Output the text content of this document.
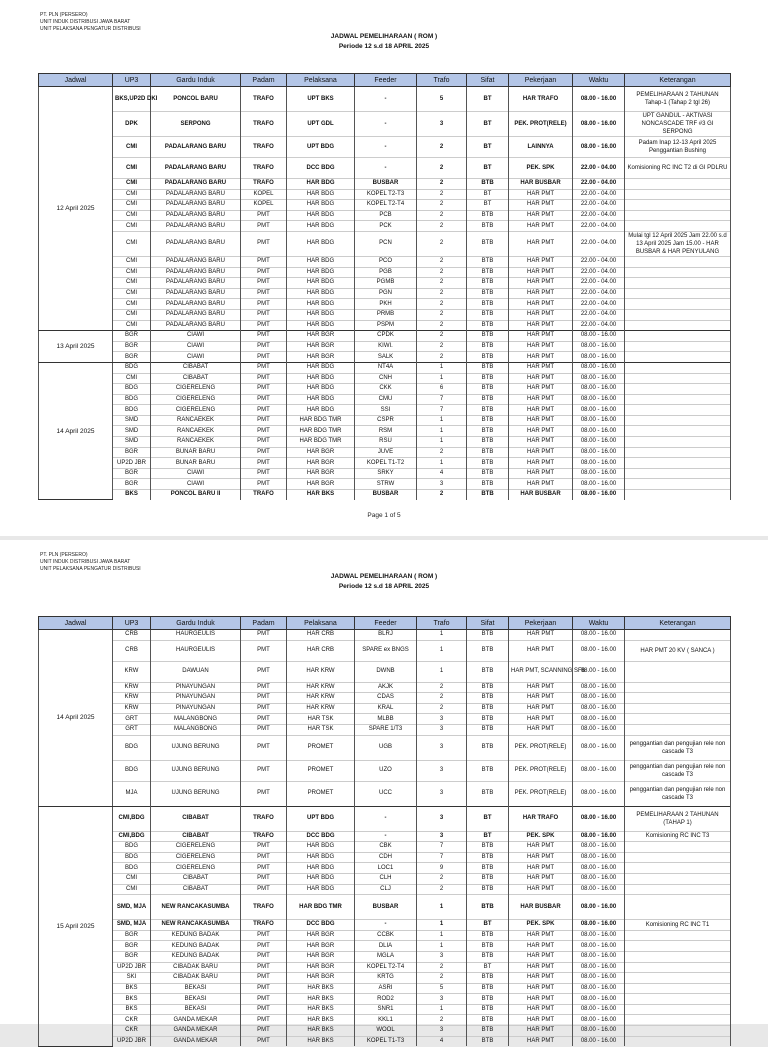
PT. PLN (PERSERO)
UNIT INDUK DISTRIBUSI JAWA BARAT
UNIT PELAKSANA PENGATUR DISTRIBUSI
JADWAL PEMELIHARAAN ( ROM )
Periode 12 s.d 18 APRIL 2025
Jadwal	UP3	Gardu Induk	Padam	Pelaksana	Feeder	Trafo	Sifat	Pekerjaan	Waktu	Keterangan
12 April 2025	BKS,UP2D DKI	PONCOL BARU	TRAFO	UPT BKS	-	5	BT	HAR TRAFO	08.00 - 16.00	PEMELIHARAAN 2 TAHUNAN Tahap-1 (Tahap 2 tgl 26)
	DPK	SERPONG	TRAFO	UPT GDL	-	3	BT	PEK. PROT(RELE)	08.00 - 16.00	UPT GANDUL - AKTIVASI NONCASCADE TRF #3 GI SERPONG
	CMI	PADALARANG BARU	TRAFO	UPT BDG	-	2	BT	LAINNYA	08.00 - 16.00	Padam Inap 12-13 April 2025 Penggantian Bushing
	CMI	PADALARANG BARU	TRAFO	DCC BDG	-	2	BT	PEK. SPK	22.00 - 04.00	Komisioning RC INC T2 di GI PDLRU
	CMI	PADALARANG BARU	TRAFO	HAR BDG	BUSBAR	2	BTB	HAR BUSBAR	22.00 - 04.00	
	CMI	PADALARANG BARU	KOPEL	HAR BDG	KOPEL T2-T3	2	BT	HAR PMT	22.00 - 04.00	
	CMI	PADALARANG BARU	KOPEL	HAR BDG	KOPEL T2-T4	2	BT	HAR PMT	22.00 - 04.00	
	CMI	PADALARANG BARU	PMT	HAR BDG	PCB	2	BTB	HAR PMT	22.00 - 04.00	
	CMI	PADALARANG BARU	PMT	HAR BDG	PCK	2	BTB	HAR PMT	22.00 - 04.00	
	CMI	PADALARANG BARU	PMT	HAR BDG	PCN	2	BTB	HAR PMT	22.00 - 04.00	Mulai tgl 12 April 2025 Jam 22.00 s.d 13 April 2025 Jam 15.00 - HAR BUSBAR & HAR PENYULANG
	CMI	PADALARANG BARU	PMT	HAR BDG	PCO	2	BTB	HAR PMT	22.00 - 04.00	
	CMI	PADALARANG BARU	PMT	HAR BDG	PGB	2	BTB	HAR PMT	22.00 - 04.00	
	CMI	PADALARANG BARU	PMT	HAR BDG	PGMB	2	BTB	HAR PMT	22.00 - 04.00	
	CMI	PADALARANG BARU	PMT	HAR BDG	PGN	2	BTB	HAR PMT	22.00 - 04.00	
	CMI	PADALARANG BARU	PMT	HAR BDG	PKH	2	BTB	HAR PMT	22.00 - 04.00	
	CMI	PADALARANG BARU	PMT	HAR BDG	PRMB	2	BTB	HAR PMT	22.00 - 04.00	
	CMI	PADALARANG BARU	PMT	HAR BDG	PSPM	2	BTB	HAR PMT	22.00 - 04.00	
13 April 2025	BGR	CIAWI	PMT	HAR BGR	CPDK	2	BTB	HAR PMT	08.00 - 16.00	
	BGR	CIAWI	PMT	HAR BGR	KIWI.	2	BTB	HAR PMT	08.00 - 16.00	
	BGR	CIAWI	PMT	HAR BGR	SALK	2	BTB	HAR PMT	08.00 - 16.00	
14 April 2025	BDG	CIBABAT	PMT	HAR BDG	NT4A	1	BTB	HAR PMT	08.00 - 16.00	
	CMI	CIBABAT	PMT	HAR BDG	CNH	1	BTB	HAR PMT	08.00 - 16.00	
	BDG	CIGERELENG	PMT	HAR BDG	CKK	6	BTB	HAR PMT	08.00 - 16.00	
	BDG	CIGERELENG	PMT	HAR BDG	CMU	7	BTB	HAR PMT	08.00 - 16.00	
	BDG	CIGERELENG	PMT	HAR BDG	SSI	7	BTB	HAR PMT	08.00 - 16.00	
	SMD	RANCAEKEK	PMT	HAR BDG TMR	CSPR	1	BTB	HAR PMT	08.00 - 16.00	
	SMD	RANCAEKEK	PMT	HAR BDG TMR	RSM	1	BTB	HAR PMT	08.00 - 16.00	
	SMD	RANCAEKEK	PMT	HAR BDG TMR	RSU	1	BTB	HAR PMT	08.00 - 16.00	
	BGR	BUNAR BARU	PMT	HAR BGR	JUVE	2	BTB	HAR PMT	08.00 - 16.00	
	UP2D JBR	BUNAR BARU	PMT	HAR BGR	KOPEL T1-T2	1	BTB	HAR PMT	08.00 - 16.00	
	BGR	CIAWI	PMT	HAR BGR	SRKY	4	BTB	HAR PMT	08.00 - 16.00	
	BGR	CIAWI	PMT	HAR BGR	STRW	3	BTB	HAR PMT	08.00 - 16.00	
	BKS	PONCOL BARU II	TRAFO	HAR BKS	BUSBAR	2	BTB	HAR BUSBAR	08.00 - 16.00	
Page 1 of 5
PT. PLN (PERSERO)
UNIT INDUK DISTRIBUSI JAWA BARAT
UNIT PELAKSANA PENGATUR DISTRIBUSI
JADWAL PEMELIHARAAN ( ROM )
Periode 12 s.d 18 APRIL 2025
Jadwal	UP3	Gardu Induk	Padam	Pelaksana	Feeder	Trafo	Sifat	Pekerjaan	Waktu	Keterangan
14 April 2025	CRB	HAURGEULIS	PMT	HAR CRB	BLRJ	1	BTB	HAR PMT	08.00 - 16.00	
	CRB	HAURGEULIS	PMT	HAR CRB	SPARE ex BNGS	1	BTB	HAR PMT	08.00 - 16.00	HAR PMT 20 KV ( SANCA )
	KRW	DAWUAN	PMT	HAR KRW	DWNB	1	BTB	HAR PMT, SCANNING SF6	08.00 - 16.00	
	KRW	PINAYUNGAN	PMT	HAR KRW	AKJK	2	BTB	HAR PMT	08.00 - 16.00	
	KRW	PINAYUNGAN	PMT	HAR KRW	CDAS	2	BTB	HAR PMT	08.00 - 16.00	
	KRW	PINAYUNGAN	PMT	HAR KRW	KRAL	2	BTB	HAR PMT	08.00 - 16.00	
	GRT	MALANGBONG	PMT	HAR TSK	MLBB	3	BTB	HAR PMT	08.00 - 16.00	
	GRT	MALANGBONG	PMT	HAR TSK	SPARE 1/T3	3	BTB	HAR PMT	08.00 - 16.00	
	BDG	UJUNG BERUNG	PMT	PROMET	UGB	3	BTB	PEK. PROT(RELE)	08.00 - 16.00	penggantian dan pengujian rele non cascade T3
	BDG	UJUNG BERUNG	PMT	PROMET	UZO	3	BTB	PEK. PROT(RELE)	08.00 - 16.00	penggantian dan pengujian rele non cascade T3
	MJA	UJUNG BERUNG	PMT	PROMET	UCC	3	BTB	PEK. PROT(RELE)	08.00 - 16.00	penggantian dan pengujian rele non cascade T3
15 April 2025	CMI,BDG	CIBABAT	TRAFO	UPT BDG	-	3	BT	HAR TRAFO	08.00 - 16.00	PEMELIHARAAN 2 TAHUNAN (TAHAP 1)
	CMI,BDG	CIBABAT	TRAFO	DCC BDG	-	3	BT	PEK. SPK	08.00 - 16.00	Komisioning RC INC T3
	BDG	CIGERELENG	PMT	HAR BDG	CBK	7	BTB	HAR PMT	08.00 - 16.00	
	BDG	CIGERELENG	PMT	HAR BDG	CDH	7	BTB	HAR PMT	08.00 - 16.00	
	BDG	CIGERELENG	PMT	HAR BDG	LOC1	9	BTB	HAR PMT	08.00 - 16.00	
	CMI	CIBABAT	PMT	HAR BDG	CLH	2	BTB	HAR PMT	08.00 - 16.00	
	CMI	CIBABAT	PMT	HAR BDG	CLJ	2	BTB	HAR PMT	08.00 - 16.00	
	SMD, MJA	NEW RANCAKASUMBA	TRAFO	HAR BDG TMR	BUSBAR	1	BTB	HAR BUSBAR	08.00 - 16.00	
	SMD, MJA	NEW RANCAKASUMBA	TRAFO	DCC BDG	-	1	BT	PEK. SPK	08.00 - 16.00	Komisioning RC INC T1
	BGR	KEDUNG BADAK	PMT	HAR BGR	CCBK	1	BTB	HAR PMT	08.00 - 16.00	
	BGR	KEDUNG BADAK	PMT	HAR BGR	DLIA	1	BTB	HAR PMT	08.00 - 16.00	
	BGR	KEDUNG BADAK	PMT	HAR BGR	MGLA	3	BTB	HAR PMT	08.00 - 16.00	
	UP2D JBR	CIBADAK BARU	PMT	HAR BGR	KOPEL T2-T4	2	BT	HAR PMT	08.00 - 16.00	
	SKI	CIBADAK BARU	PMT	HAR BGR	KRTG	2	BTB	HAR PMT	08.00 - 16.00	
	BKS	BEKASI	PMT	HAR BKS	ASRI	5	BTB	HAR PMT	08.00 - 16.00	
	BKS	BEKASI	PMT	HAR BKS	ROD2	3	BTB	HAR PMT	08.00 - 16.00	
	BKS	BEKASI	PMT	HAR BKS	SNR1	1	BTB	HAR PMT	08.00 - 16.00	
	CKR	GANDA MEKAR	PMT	HAR BKS	KKL1	2	BTB	HAR PMT	08.00 - 16.00	
	CKR	GANDA MEKAR	PMT	HAR BKS	WOOL	3	BTB	HAR PMT	08.00 - 16.00	
	UP2D JBR	GANDA MEKAR	PMT	HAR BKS	KOPEL T1-T3	4	BTB	HAR PMT	08.00 - 16.00	
